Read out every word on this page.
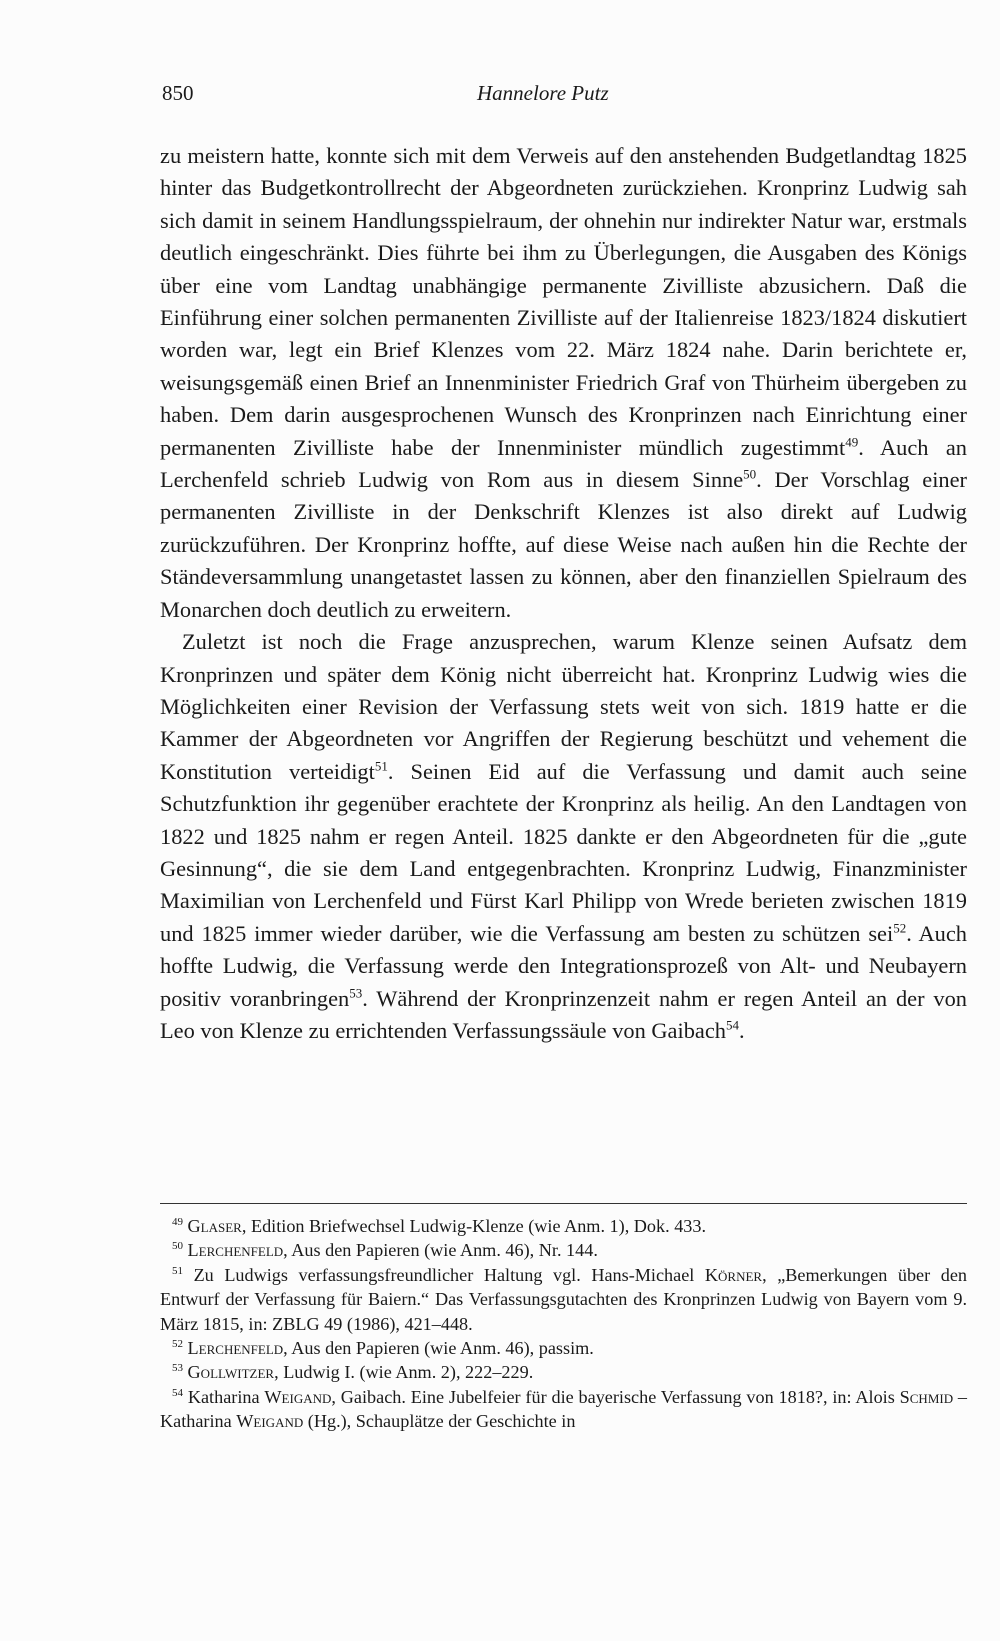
850	Hannelore Putz

zu meistern hatte, konnte sich mit dem Verweis auf den anstehenden Budgetlandtag 1825 hinter das Budgetkontrollrecht der Abgeordneten zurückziehen. Kronprinz Ludwig sah sich damit in seinem Handlungsspielraum, der ohnehin nur indirekter Natur war, erstmals deutlich eingeschränkt. Dies führte bei ihm zu Überlegungen, die Ausgaben des Königs über eine vom Landtag unabhängige permanente Zivilliste abzusichern. Daß die Einführung einer solchen permanenten Zivilliste auf der Italienreise 1823/1824 diskutiert worden war, legt ein Brief Klenzes vom 22. März 1824 nahe. Darin berichtete er, weisungsgemäß einen Brief an Innenminister Friedrich Graf von Thürheim übergeben zu haben. Dem darin ausgesprochenen Wunsch des Kronprinzen nach Einrichtung einer permanenten Zivilliste habe der Innenminister mündlich zugestimmt$^{49}$. Auch an Lerchenfeld schrieb Ludwig von Rom aus in diesem Sinne$^{50}$. Der Vorschlag einer permanenten Zivilliste in der Denkschrift Klenzes ist also direkt auf Ludwig zurückzuführen. Der Kronprinz hoffte, auf diese Weise nach außen hin die Rechte der Ständeversammlung unangetastet lassen zu können, aber den finanziellen Spielraum des Monarchen doch deutlich zu erweitern.

Zuletzt ist noch die Frage anzusprechen, warum Klenze seinen Aufsatz dem Kronprinzen und später dem König nicht überreicht hat. Kronprinz Ludwig wies die Möglichkeiten einer Revision der Verfassung stets weit von sich. 1819 hatte er die Kammer der Abgeordneten vor Angriffen der Regierung beschützt und vehement die Konstitution verteidigt$^{51}$. Seinen Eid auf die Verfassung und damit auch seine Schutzfunktion ihr gegenüber erachtete der Kronprinz als heilig. An den Landtagen von 1822 und 1825 nahm er regen Anteil. 1825 dankte er den Abgeordneten für die „gute Gesinnung“, die sie dem Land entgegenbrachten. Kronprinz Ludwig, Finanzminister Maximilian von Lerchenfeld und Fürst Karl Philipp von Wrede berieten zwischen 1819 und 1825 immer wieder darüber, wie die Verfassung am besten zu schützen sei$^{52}$. Auch hoffte Ludwig, die Verfassung werde den Integrationsprozeß von Alt- und Neubayern positiv voranbringen$^{53}$. Während der Kronprinzenzeit nahm er regen Anteil an der von Leo von Klenze zu errichtenden Verfassungssäule von Gaibach$^{54}$.

$^{49}$ Glaser, Edition Briefwechsel Ludwig-Klenze (wie Anm. 1), Dok. 433.

$^{50}$ Lerchenfeld, Aus den Papieren (wie Anm. 46), Nr. 144.

$^{51}$ Zu Ludwigs verfassungsfreundlicher Haltung vgl. Hans-Michael Körner, „Bemerkungen über den Entwurf der Verfassung für Baiern.“ Das Verfassungsgutachten des Kronprinzen Ludwig von Bayern vom 9. März 1815, in: ZBLG 49 (1986), 421–448.

$^{52}$ Lerchenfeld, Aus den Papieren (wie Anm. 46), passim.

$^{53}$ Gollwitzer, Ludwig I. (wie Anm. 2), 222–229.

$^{54}$ Katharina Weigand, Gaibach. Eine Jubelfeier für die bayerische Verfassung von 1818?, in: Alois Schmid – Katharina Weigand (Hg.), Schauplätze der Geschichte in
